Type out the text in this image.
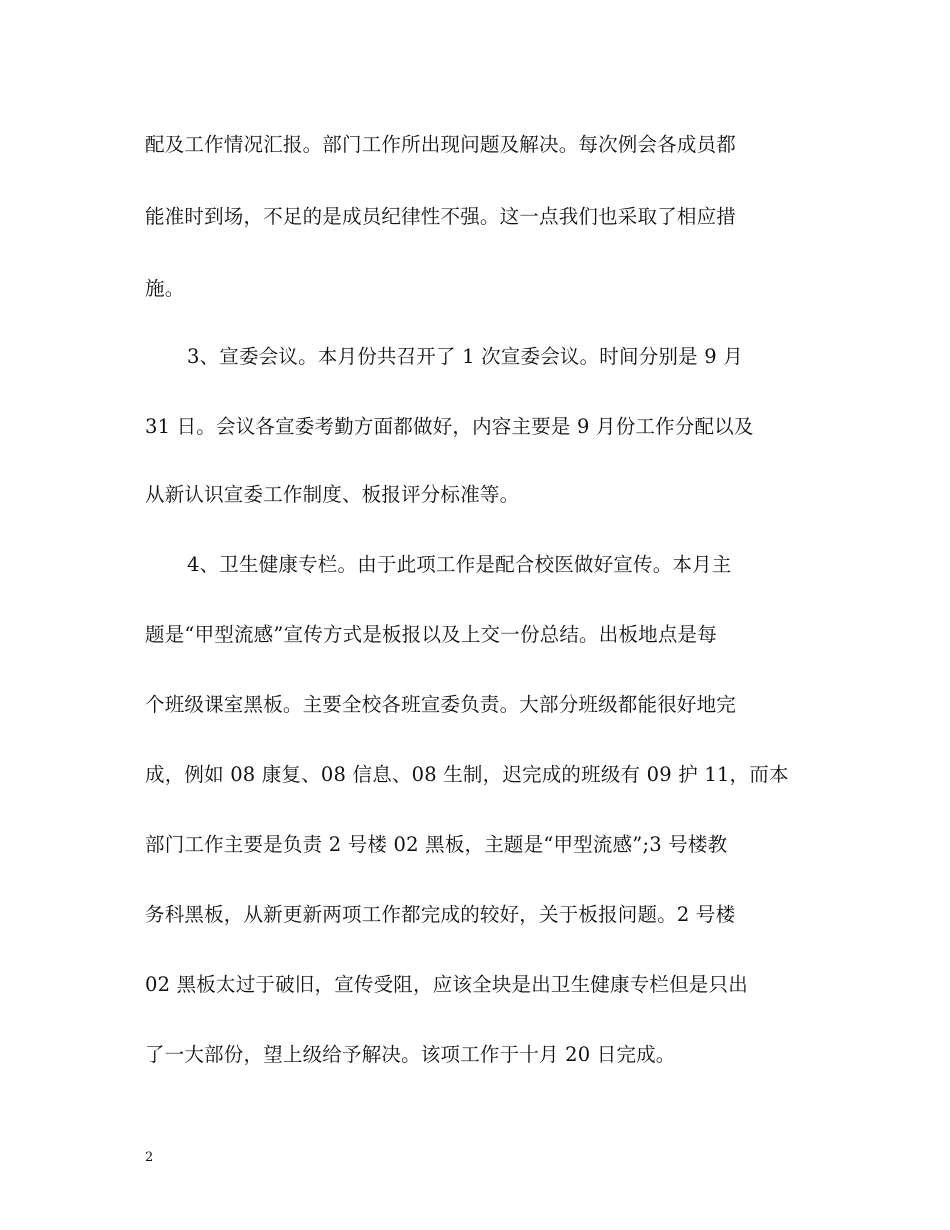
配及工作情况汇报。部门工作所出现问题及解决。每次例会各成员都
能准时到场，不足的是成员纪律性不强。这一点我们也采取了相应措
施。
3、宣委会议。本月份共召开了 1 次宣委会议。时间分别是 9 月
31 日。会议各宣委考勤方面都做好，内容主要是 9 月份工作分配以及
从新认识宣委工作制度、板报评分标准等。
4、卫生健康专栏。由于此项工作是配合校医做好宣传。本月主
题是“甲型流感”宣传方式是板报以及上交一份总结。出板地点是每
个班级课室黑板。主要全校各班宣委负责。大部分班级都能很好地完
成，例如 08 康复、08 信息、08 生制，迟完成的班级有 09 护 11，而本
部门工作主要是负责 2 号楼 02 黑板，主题是“甲型流感”;3 号楼教
务科黑板，从新更新两项工作都完成的较好，关于板报问题。2 号楼
02 黑板太过于破旧，宣传受阻，应该全块是出卫生健康专栏但是只出
了一大部份，望上级给予解决。该项工作于十月 20 日完成。
2
